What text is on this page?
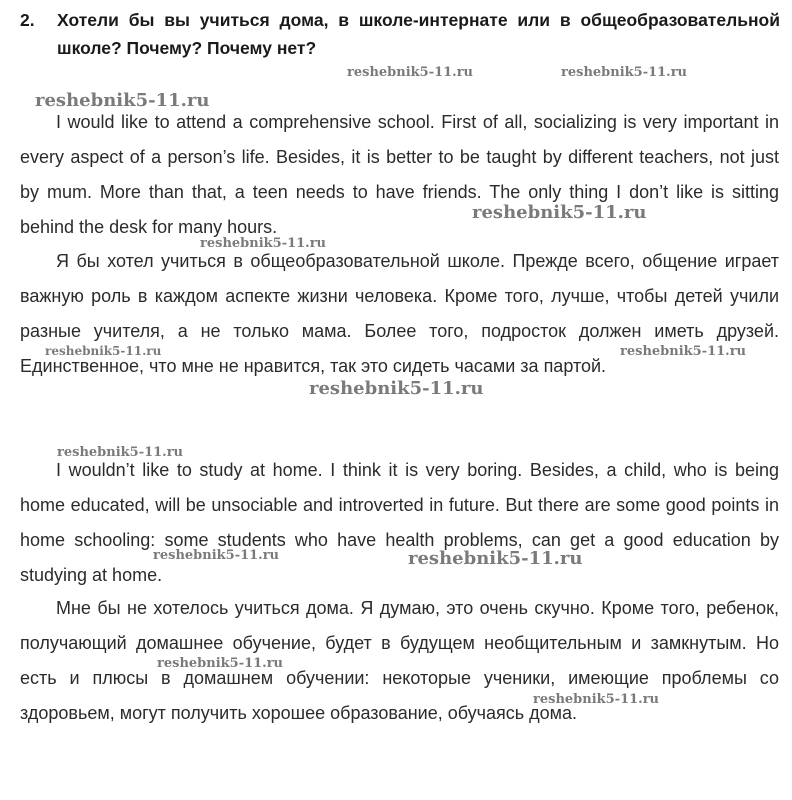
2. Хотели бы вы учиться дома, в школе-интернате или в общеобразовательной школе? Почему? Почему нет?

I would like to attend a comprehensive school. First of all, socializing is very important in every aspect of a person’s life. Besides, it is better to be taught by different teachers, not just by mum. More than that, a teen needs to have friends. The only thing I don’t like is sitting behind the desk for many hours.

Я бы хотел учиться в общеобразовательной школе. Прежде всего, общение играет важную роль в каждом аспекте жизни человека. Кроме того, лучше, чтобы детей учили разные учителя, а не только мама. Более того, подросток должен иметь друзей. Единственное, что мне не нравится, так это сидеть часами за партой.

I wouldn’t like to study at home. I think it is very boring. Besides, a child, who is being home educated, will be unsociable and introverted in future. But there are some good points in home schooling: some students who have health problems, can get a good education by studying at home.

Мне бы не хотелось учиться дома. Я думаю, это очень скучно. Кроме того, ребенок, получающий домашнее обучение, будет в будущем необщительным и замкнутым. Но есть и плюсы в домашнем обучении: некоторые ученики, имеющие проблемы со здоровьем, могут получить хорошее образование, обучаясь дома.

reshebnik5-11.ru	reshebnik5-11.ru
reshebnik5-11.ru
reshebnik5-11.ru
reshebnik5-11.ru
reshebnik5-11.ru	reshebnik5-11.ru
reshebnik5-11.ru
reshebnik5-11.ru
reshebnik5-11.ru	reshebnik5-11.ru
reshebnik5-11.ru
reshebnik5-11.ru
